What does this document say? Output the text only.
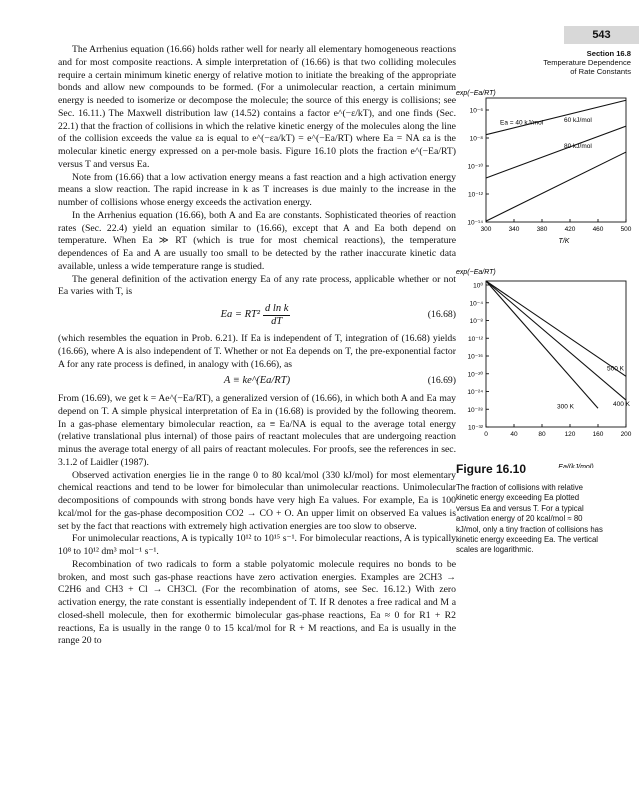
543
Section 16.8
Temperature Dependence
of Rate Constants

The Arrhenius equation (16.66) holds rather well for nearly all elementary homogeneous reactions and for most composite reactions. A simple interpretation of (16.66) is that two colliding molecules require a certain minimum kinetic energy of relative motion to initiate the breaking of the appropriate bonds and allow new compounds to be formed. (For a unimolecular reaction, a certain minimum energy is needed to isomerize or decompose the molecule; the source of this energy is collisions; see Sec. 16.11.) The Maxwell distribution law (14.52) contains a factor e^(−ε/kT), and one finds (Sec. 22.1) that the fraction of collisions in which the relative kinetic energy of the molecules along the line of the collision exceeds the value εa is equal to e^(−εa/kT) = e^(−Ea/RT) where Ea = NA εa is the molecular kinetic energy expressed on a per-mole basis. Figure 16.10 plots the fraction e^(−Ea/RT) versus T and versus Ea.

Note from (16.66) that a low activation energy means a fast reaction and a high activation energy means a slow reaction. The rapid increase in k as T increases is due mainly to the increase in the number of collisions whose energy exceeds the activation energy.

In the Arrhenius equation (16.66), both A and Ea are constants. Sophisticated theories of reaction rates (Sec. 22.4) yield an equation similar to (16.66), except that A and Ea both depend on temperature. When Ea ≫ RT (which is true for most chemical reactions), the temperature dependences of Ea and A are usually too small to be detected by the rather inaccurate kinetic data available, unless a wide temperature range is studied.

The general definition of the activation energy Ea of any rate process, applicable whether or not Ea varies with T, is

$Ea = RT^2 \frac{\text{d ln k}}{dT}$	(16.68)

(which resembles the equation in Prob. 6.21). If Ea is independent of T, integration of (16.68) yields (16.66), where A is also independent of T. Whether or not Ea depends on T, the pre-exponential factor A for any rate process is defined, in analogy with (16.66), as

A ≡ ke^(Ea/RT)	(16.69)

From (16.69), we get k = Ae^(−Ea/RT), a generalized version of (16.66), in which both A and Ea may depend on T. A simple physical interpretation of Ea in (16.68) is provided by the following theorem. In a gas-phase elementary bimolecular reaction, εa ≡ Ea/NA is equal to the average total energy (relative translational plus internal) of those pairs of reactant molecules that are undergoing reaction minus the average total energy of all pairs of reactant molecules. For proofs, see the references in sec. 3.1.2 of Laidler (1987).

Observed activation energies lie in the range 0 to 80 kcal/mol (330 kJ/mol) for most elementary chemical reactions and tend to be lower for bimolecular than unimolecular reactions. Unimolecular decompositions of compounds with strong bonds have very high Ea values. For example, Ea is 100 kcal/mol for the gas-phase decomposition CO2 → CO + O. An upper limit on observed Ea values is set by the fact that reactions with extremely high activation energies are too slow to observe.

For unimolecular reactions, A is typically 10¹² to 10¹⁵ s⁻¹. For bimolecular reactions, A is typically 10⁸ to 10¹² dm³ mol⁻¹ s⁻¹.

Recombination of two radicals to form a stable polyatomic molecule requires no bonds to be broken, and most such gas-phase reactions have zero activation energies. Examples are 2CH3 → C2H6 and CH3 + Cl → CH3Cl. (For the recombination of atoms, see Sec. 16.12.) With zero activation energy, the rate constant is essentially independent of T. If R denotes a free radical and M a closed-shell molecule, then for exothermic bimolecular gas-phase reactions, Ea ≈ 0 for R1 + R2 reactions, Ea is usually in the range 0 to 15 kcal/mol for R + M reactions, and Ea is usually in the range 20 to

exp(−Ea/RT)
T/K
300	340	380	420	460	500
10⁻⁶
10⁻⁸
10⁻¹⁰
10⁻¹²
10⁻¹⁴
Ea = 40 kJ/mol	60 kJ/mol
80 kJ/mol
exp(−Ea/RT)
Ea/(kJ/mol)
0	40	80	120	160	200
10⁰
10⁻⁴
10⁻⁸
10⁻¹²
10⁻¹⁶
10⁻²⁰
10⁻²⁴
10⁻²⁸
10⁻³²
500 K
400 K
300 K
Figure 16.10
The fraction of collisions with relative kinetic energy exceeding Ea plotted versus Ea and versus T. For a typical activation energy of 20 kcal/mol ≈ 80 kJ/mol, only a tiny fraction of collisions has kinetic energy exceeding Ea. The vertical scales are logarithmic.
